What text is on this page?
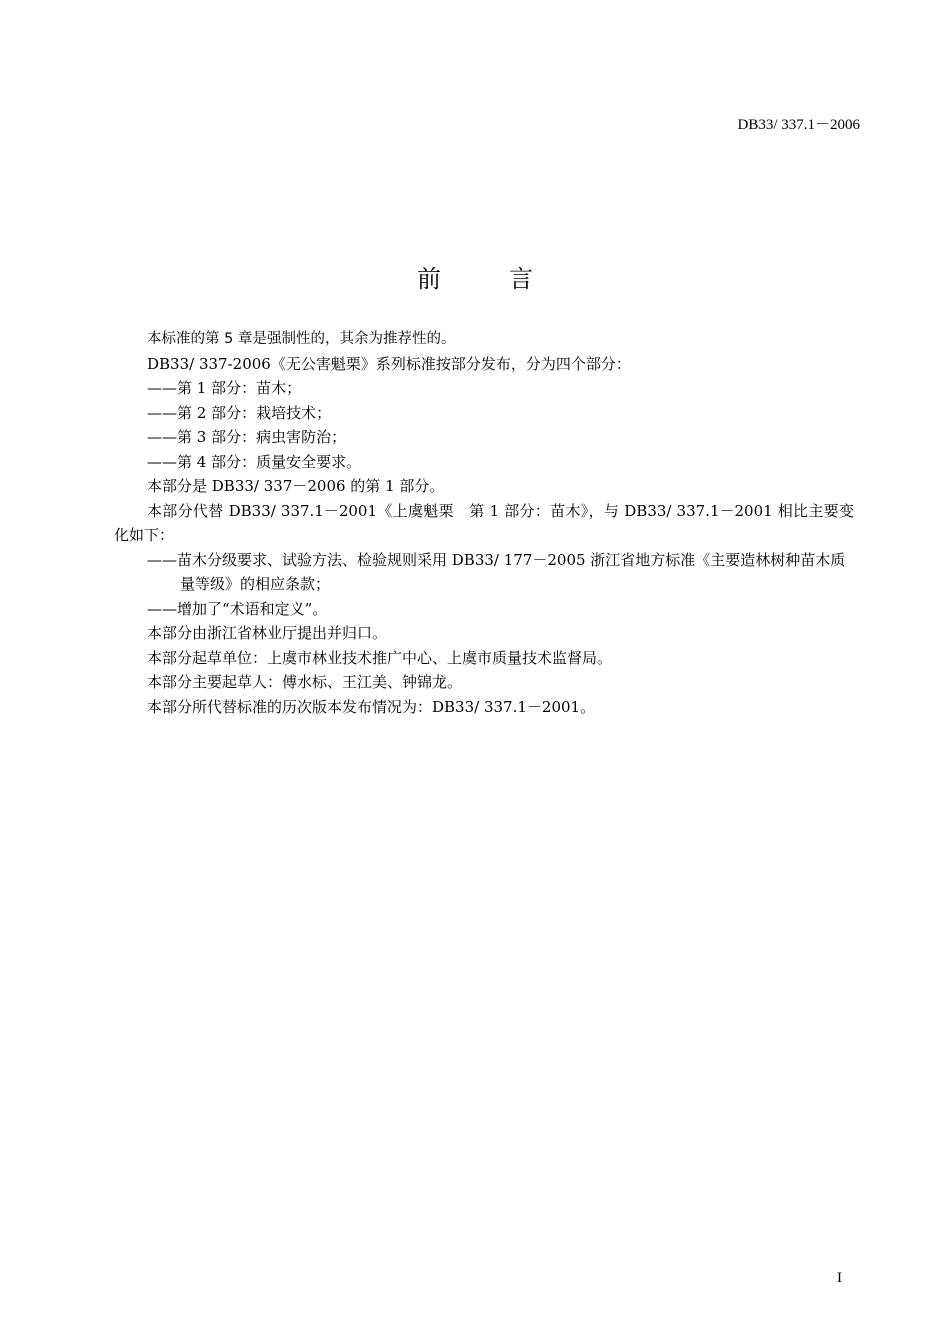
DB33/ 337.1－2006
前	言

本标准的第 5 章是强制性的，其余为推荐性的。

DB33/ 337-2006《无公害魁栗》系列标准按部分发布，分为四个部分：

——第 1 部分：苗木；

——第 2 部分：栽培技术；

——第 3 部分：病虫害防治；

——第 4 部分：质量安全要求。

本部分是 DB33/ 337－2006 的第 1 部分。

本部分代替 DB33/ 337.1－2001《上虞魁栗　第 1 部分：苗木》，与 DB33/ 337.1－2001 相比主要变化如下：

——苗木分级要求、试验方法、检验规则采用 DB33/ 177－2005 浙江省地方标准《主要造林树种苗木质量等级》的相应条款；

——增加了“术语和定义”。

本部分由浙江省林业厅提出并归口。

本部分起草单位：上虞市林业技术推广中心、上虞市质量技术监督局。

本部分主要起草人：傅水标、王江美、钟锦龙。

本部分所代替标准的历次版本发布情况为：DB33/ 337.1－2001。

I
